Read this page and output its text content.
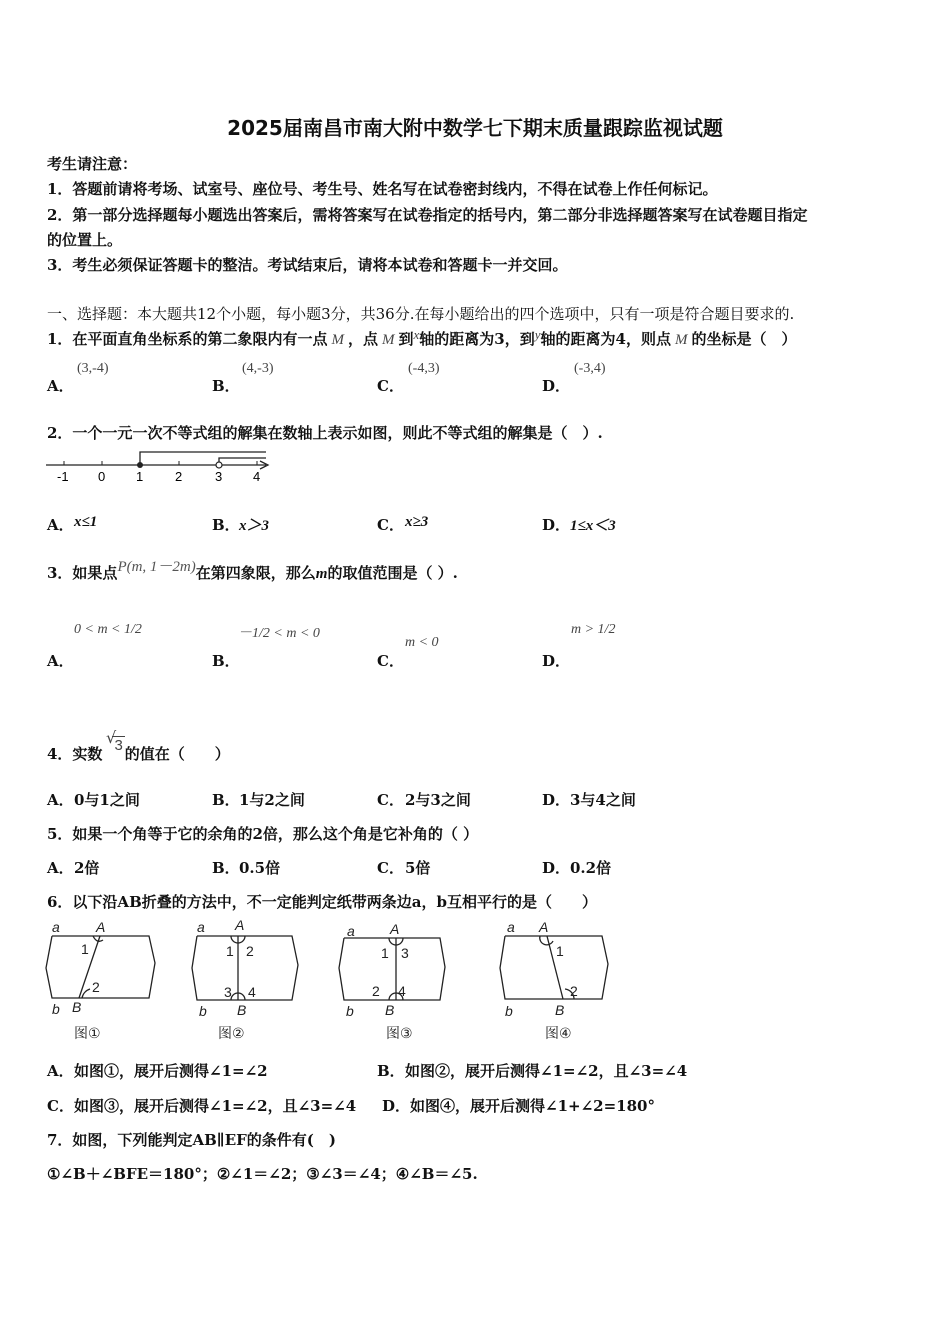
2025届南昌市南大附中数学七下期末质量跟踪监视试题
考生请注意：
1．答题前请将考场、试室号、座位号、考生号、姓名写在试卷密封线内，不得在试卷上作任何标记。
2．第一部分选择题每小题选出答案后，需将答案写在试卷指定的括号内，第二部分非选择题答案写在试卷题目指定
的位置上。
3．考生必须保证答题卡的整洁。考试结束后，请将本试卷和答题卡一并交回。
一、选择题：本大题共12个小题，每小题3分，共36分.在每小题给出的四个选项中，只有一项是符合题目要求的.
1．在平面直角坐标系的第二象限内有一点 M ，点 M 到x轴的距离为3，到y轴的距离为4，则点 M 的坐标是（　）
A．
(3,‑4)
B．
(4,‑3)
C．
(‑4,3)
D．
(‑3,4)
2．一个一元一次不等式组的解集在数轴上表示如图，则此不等式组的解集是（　）.
-1 0 1 2	3 4
A． x≤1	B． x＞3	C． x≥3	D． 1≤x＜3
3．如果点P(m, 1－2m)在第四象限，那么m的取值范围是（ ）.
A．
0 < m < 1/2
B．
－1/2 < m < 0
C．
m < 0
D．
m > 1/2
4．实数 3 的值在（　　）
√
A． 0与1之间	B． 1与2之间	C． 2与3之间	D． 3与4之间
5．如果一个角等于它的余角的2倍，那么这个角是它补角的（ ）
A． 2倍	B． 0.5倍	C． 5倍	D． 0.2倍
6．以下沿AB折叠的方法中，不一定能判定纸带两条边a，b互相平行的是（　　）
a	A
b B
a A
b B
a	A
b B
a A
b	B
1
2
1 2
3 4
1 3
2 4
1
2
图①	图②	图③	图④
A． 如图①，展开后测得∠1=∠2	B． 如图②，展开后测得∠1=∠2，且∠3=∠4
C． 如图③，展开后测得∠1=∠2，且∠3=∠4 D． 如图④，展开后测得∠1+∠2=180°
7．如图，下列能判定AB∥EF的条件有(　)
①∠B＋∠BFE＝180°；②∠1＝∠2；③∠3＝∠4；④∠B＝∠5.
